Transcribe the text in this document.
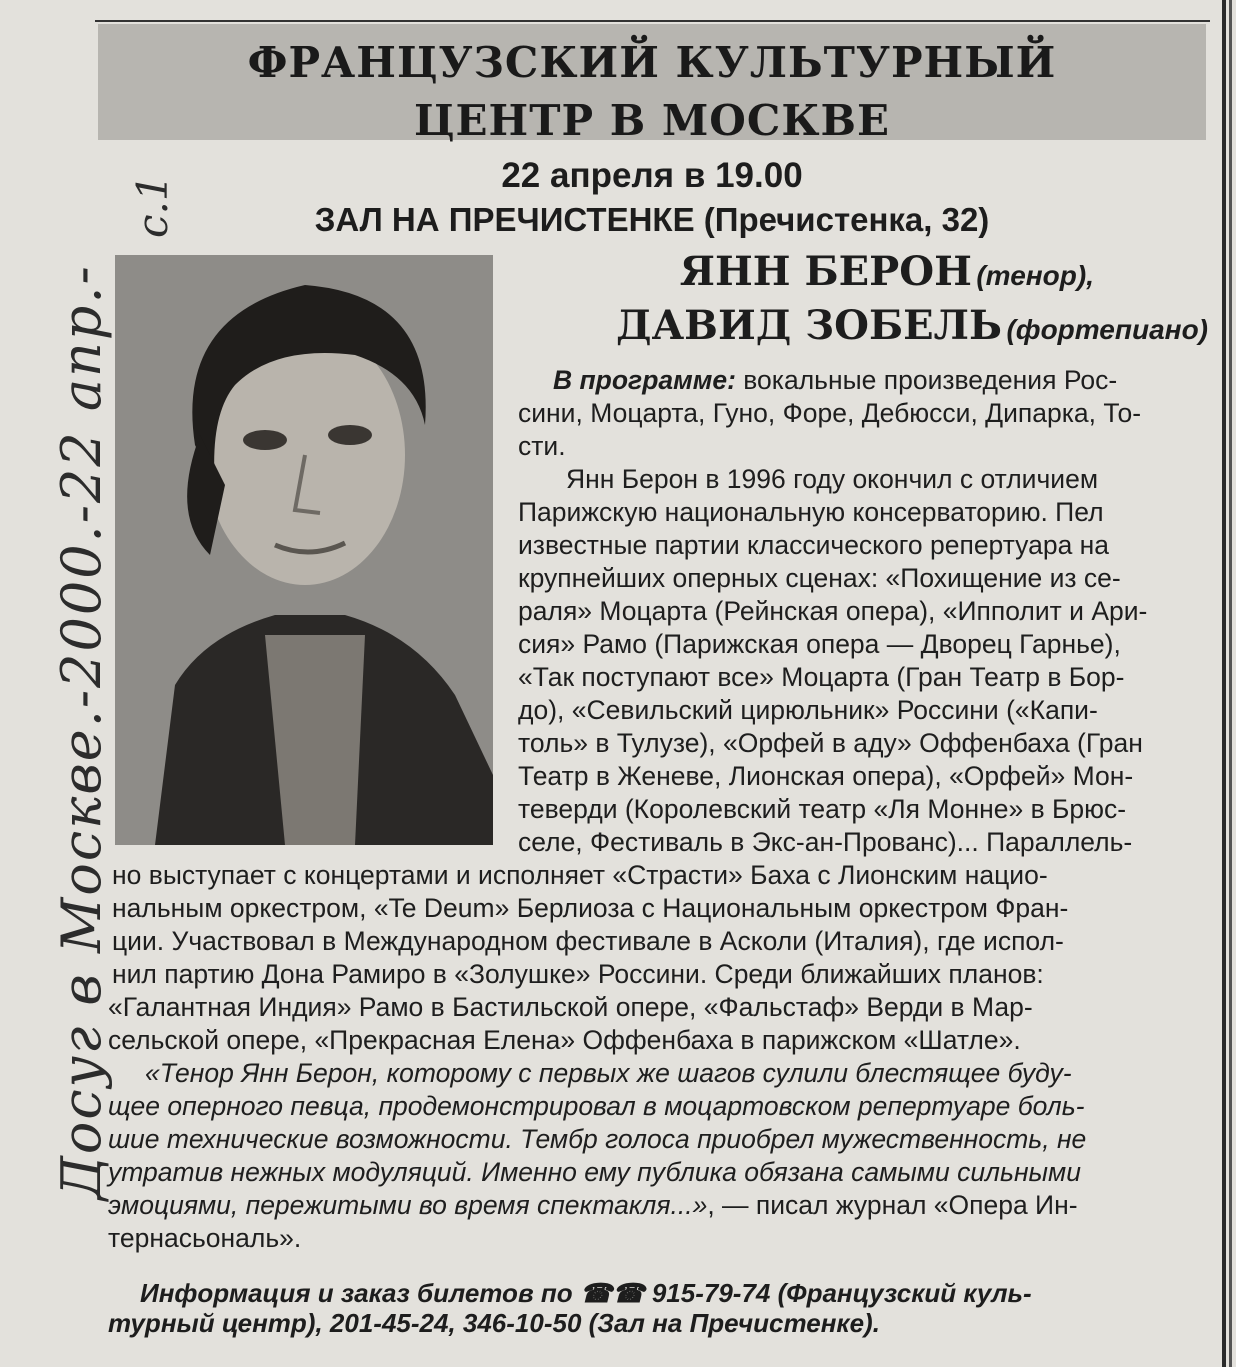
ФРАНЦУЗСКИЙ КУЛЬТУРНЫЙ
ЦЕНТР В МОСКВЕ
22 апреля в 19.00
ЗАЛ НА ПРЕЧИСТЕНКЕ (Пречистенка, 32)
ЯНН БЕРОН (тенор),
ДАВИД ЗОБЕЛЬ (фортепиано)
В программе: вокальные произведения Рос-
сини, Моцарта, Гуно, Форе, Дебюсси, Дипарка, То-
сти.
Янн Берон в 1996 году окончил с отличием
Парижскую национальную консерваторию. Пел
известные партии классического репертуара на
крупнейших оперных сценах: «Похищение из се-
раля» Моцарта (Рейнская опера), «Ипполит и Ари-
сия» Рамо (Парижская опера — Дворец Гарнье),
«Так поступают все» Моцарта (Гран Театр в Бор-
до), «Севильский цирюльник» Россини («Капи-
толь» в Тулузе), «Орфей в аду» Оффенбаха (Гран
Театр в Женеве, Лионская опера), «Орфей» Мон-
теверди (Королевский театр «Ля Монне» в Брюс-
селе, Фестиваль в Экс-ан-Прованс)... Параллель-
но выступает с концертами и исполняет «Страсти» Баха с Лионским нацио-
нальным оркестром, «Te Deum» Берлиоза с Национальным оркестром Фран-
ции. Участвовал в Международном фестивале в Асколи (Италия), где испол-
нил партию Дона Рамиро в «Золушке» Россини. Среди ближайших планов:
«Галантная Индия» Рамо в Бастильской опере, «Фальстаф» Верди в Мар-
сельской опере, «Прекрасная Елена» Оффенбаха в парижском «Шатле».
«Тенор Янн Берон, которому с первых же шагов сулили блестящее буду-
щее оперного певца, продемонстрировал в моцартовском репертуаре боль-
шие технические возможности. Тембр голоса приобрел мужественность, не
утратив нежных модуляций. Именно ему публика обязана самыми сильными
эмоциями, пережитыми во время спектакля...», — писал журнал «Опера Ин-
тернасьональ».
Информация и заказ билетов по ☎☎ 915-79-74 (Французский куль-
турный центр), 201-45-24, 346-10-50 (Зал на Пречистенке).
Досуг в Москве.-2000.-22 апр.-
с.1
